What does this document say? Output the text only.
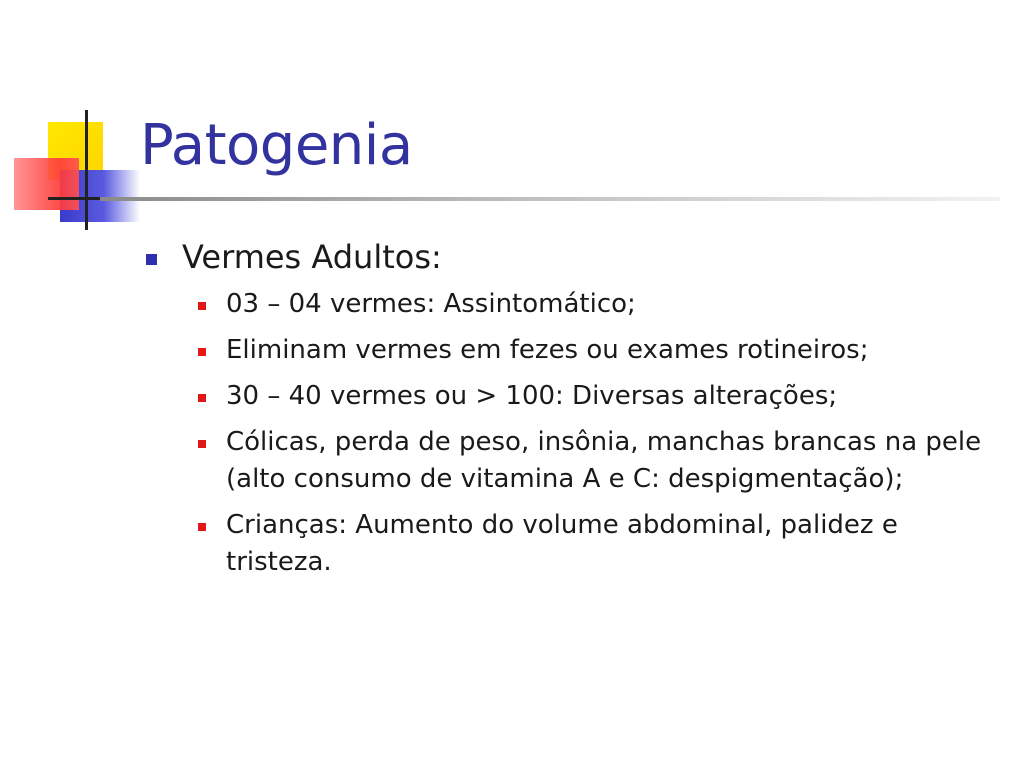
Patogenia
Vermes Adultos:
03 – 04 vermes: Assintomático;
Eliminam vermes em fezes ou exames rotineiros;
30 – 40 vermes ou > 100: Diversas alterações;
Cólicas, perda de peso, insônia, manchas brancas na pele (alto consumo de vitamina A e C: despigmentação);
Crianças: Aumento do volume abdominal, palidez e tristeza.
